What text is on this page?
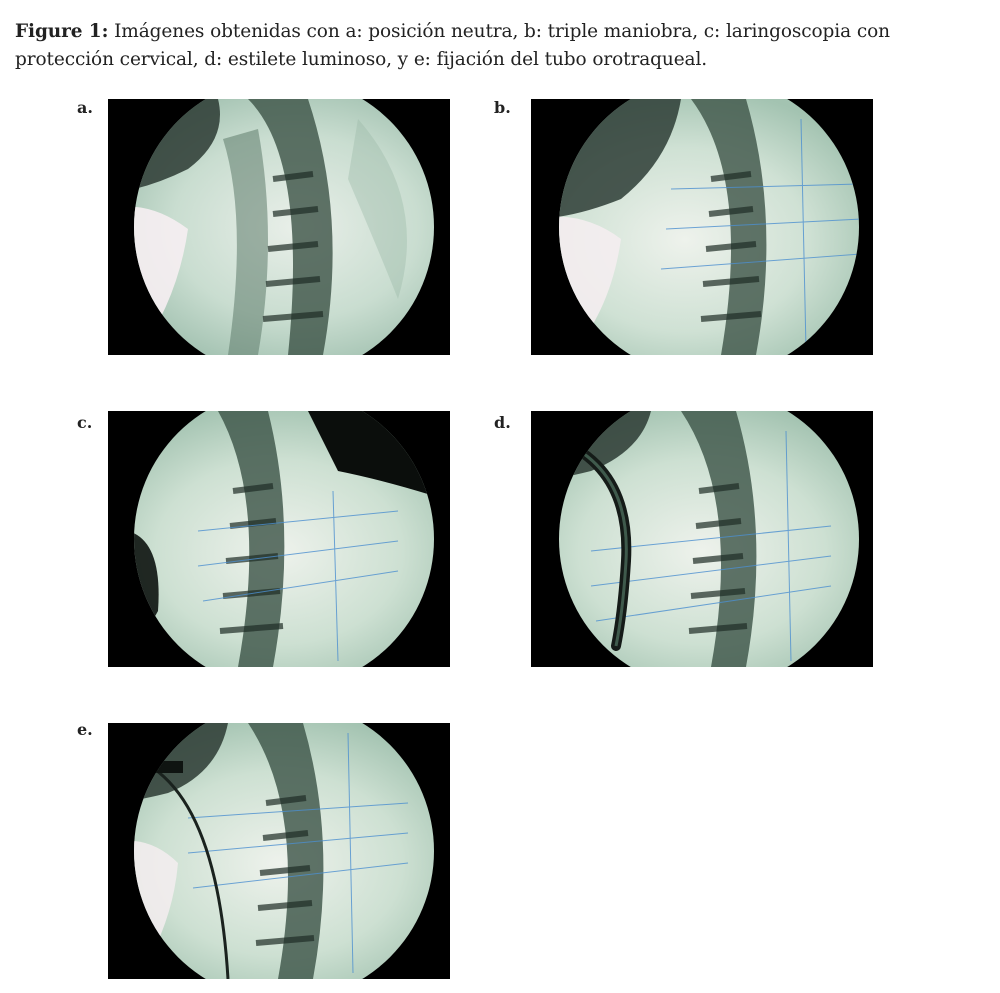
Figure 1: Imágenes obtenidas con a: posición neutra, b: triple maniobra, c: laringoscopia con protección cervical, d: estilete luminoso, y e: fijación del tubo orotraqueal.
a.	b.
c.	d.
e.
